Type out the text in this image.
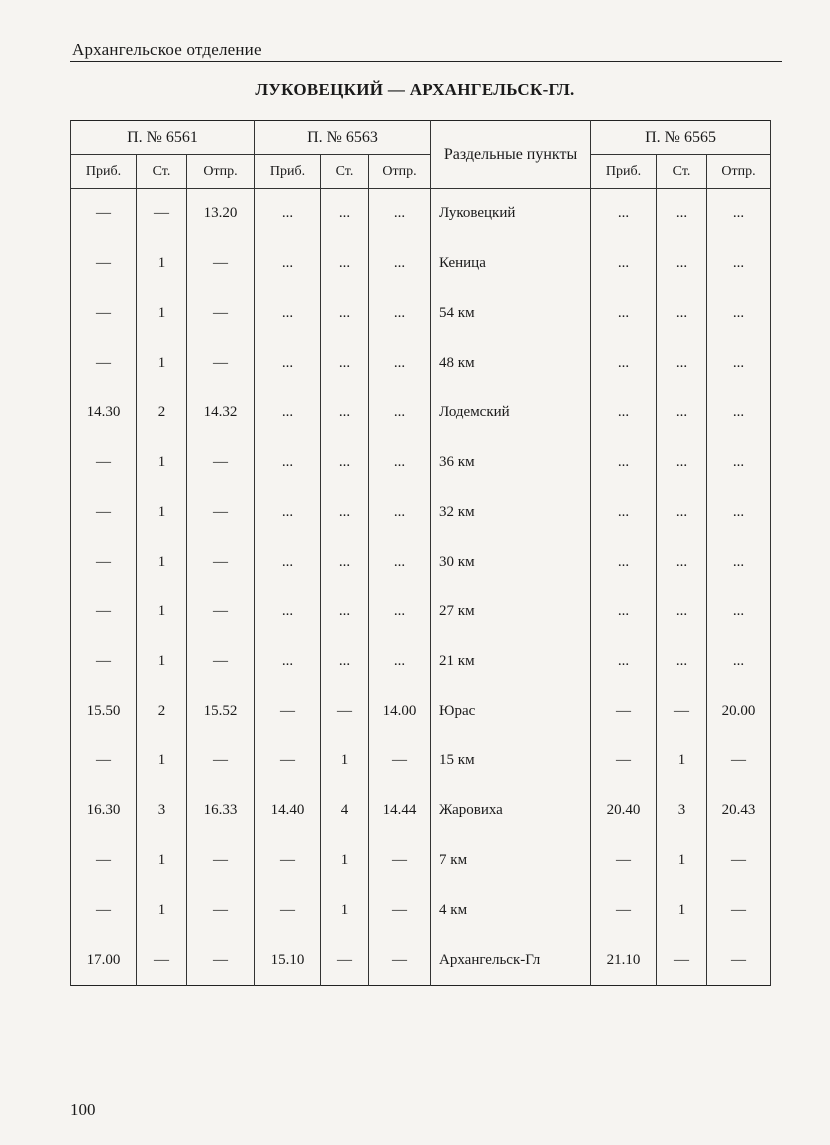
Архангельское отделение
ЛУКОВЕЦКИЙ — АРХАНГЕЛЬСК-ГЛ.
П. № 6561			П. № 6563			Раздельные пункты	П. № 6565		
Приб.	Ст.	Отпр.	Приб.	Ст.	Отпр.		Приб.	Ст.	Отпр.
—	—	13.20	...	...	...	Луковецкий	...	...	...
—	1	—	...	...	...	Кеница	...	...	...
—	1	—	...	...	...	54 км	...	...	...
—	1	—	...	...	...	48 км	...	...	...
14.30	2	14.32	...	...	...	Лодемский	...	...	...
—	1	—	...	...	...	36 км	...	...	...
—	1	—	...	...	...	32 км	...	...	...
—	1	—	...	...	...	30 км	...	...	...
—	1	—	...	...	...	27 км	...	...	...
—	1	—	...	...	...	21 км	...	...	...
15.50	2	15.52	—	—	14.00	Юрас	—	—	20.00
—	1	—	—	1	—	15 км	—	1	—
16.30	3	16.33	14.40	4	14.44	Жаровиха	20.40	3	20.43
—	1	—	—	1	—	7 км	—	1	—
—	1	—	—	1	—	4 км	—	1	—
17.00	—	—	15.10	—	—	Архангельск-Гл	21.10	—	—
100
